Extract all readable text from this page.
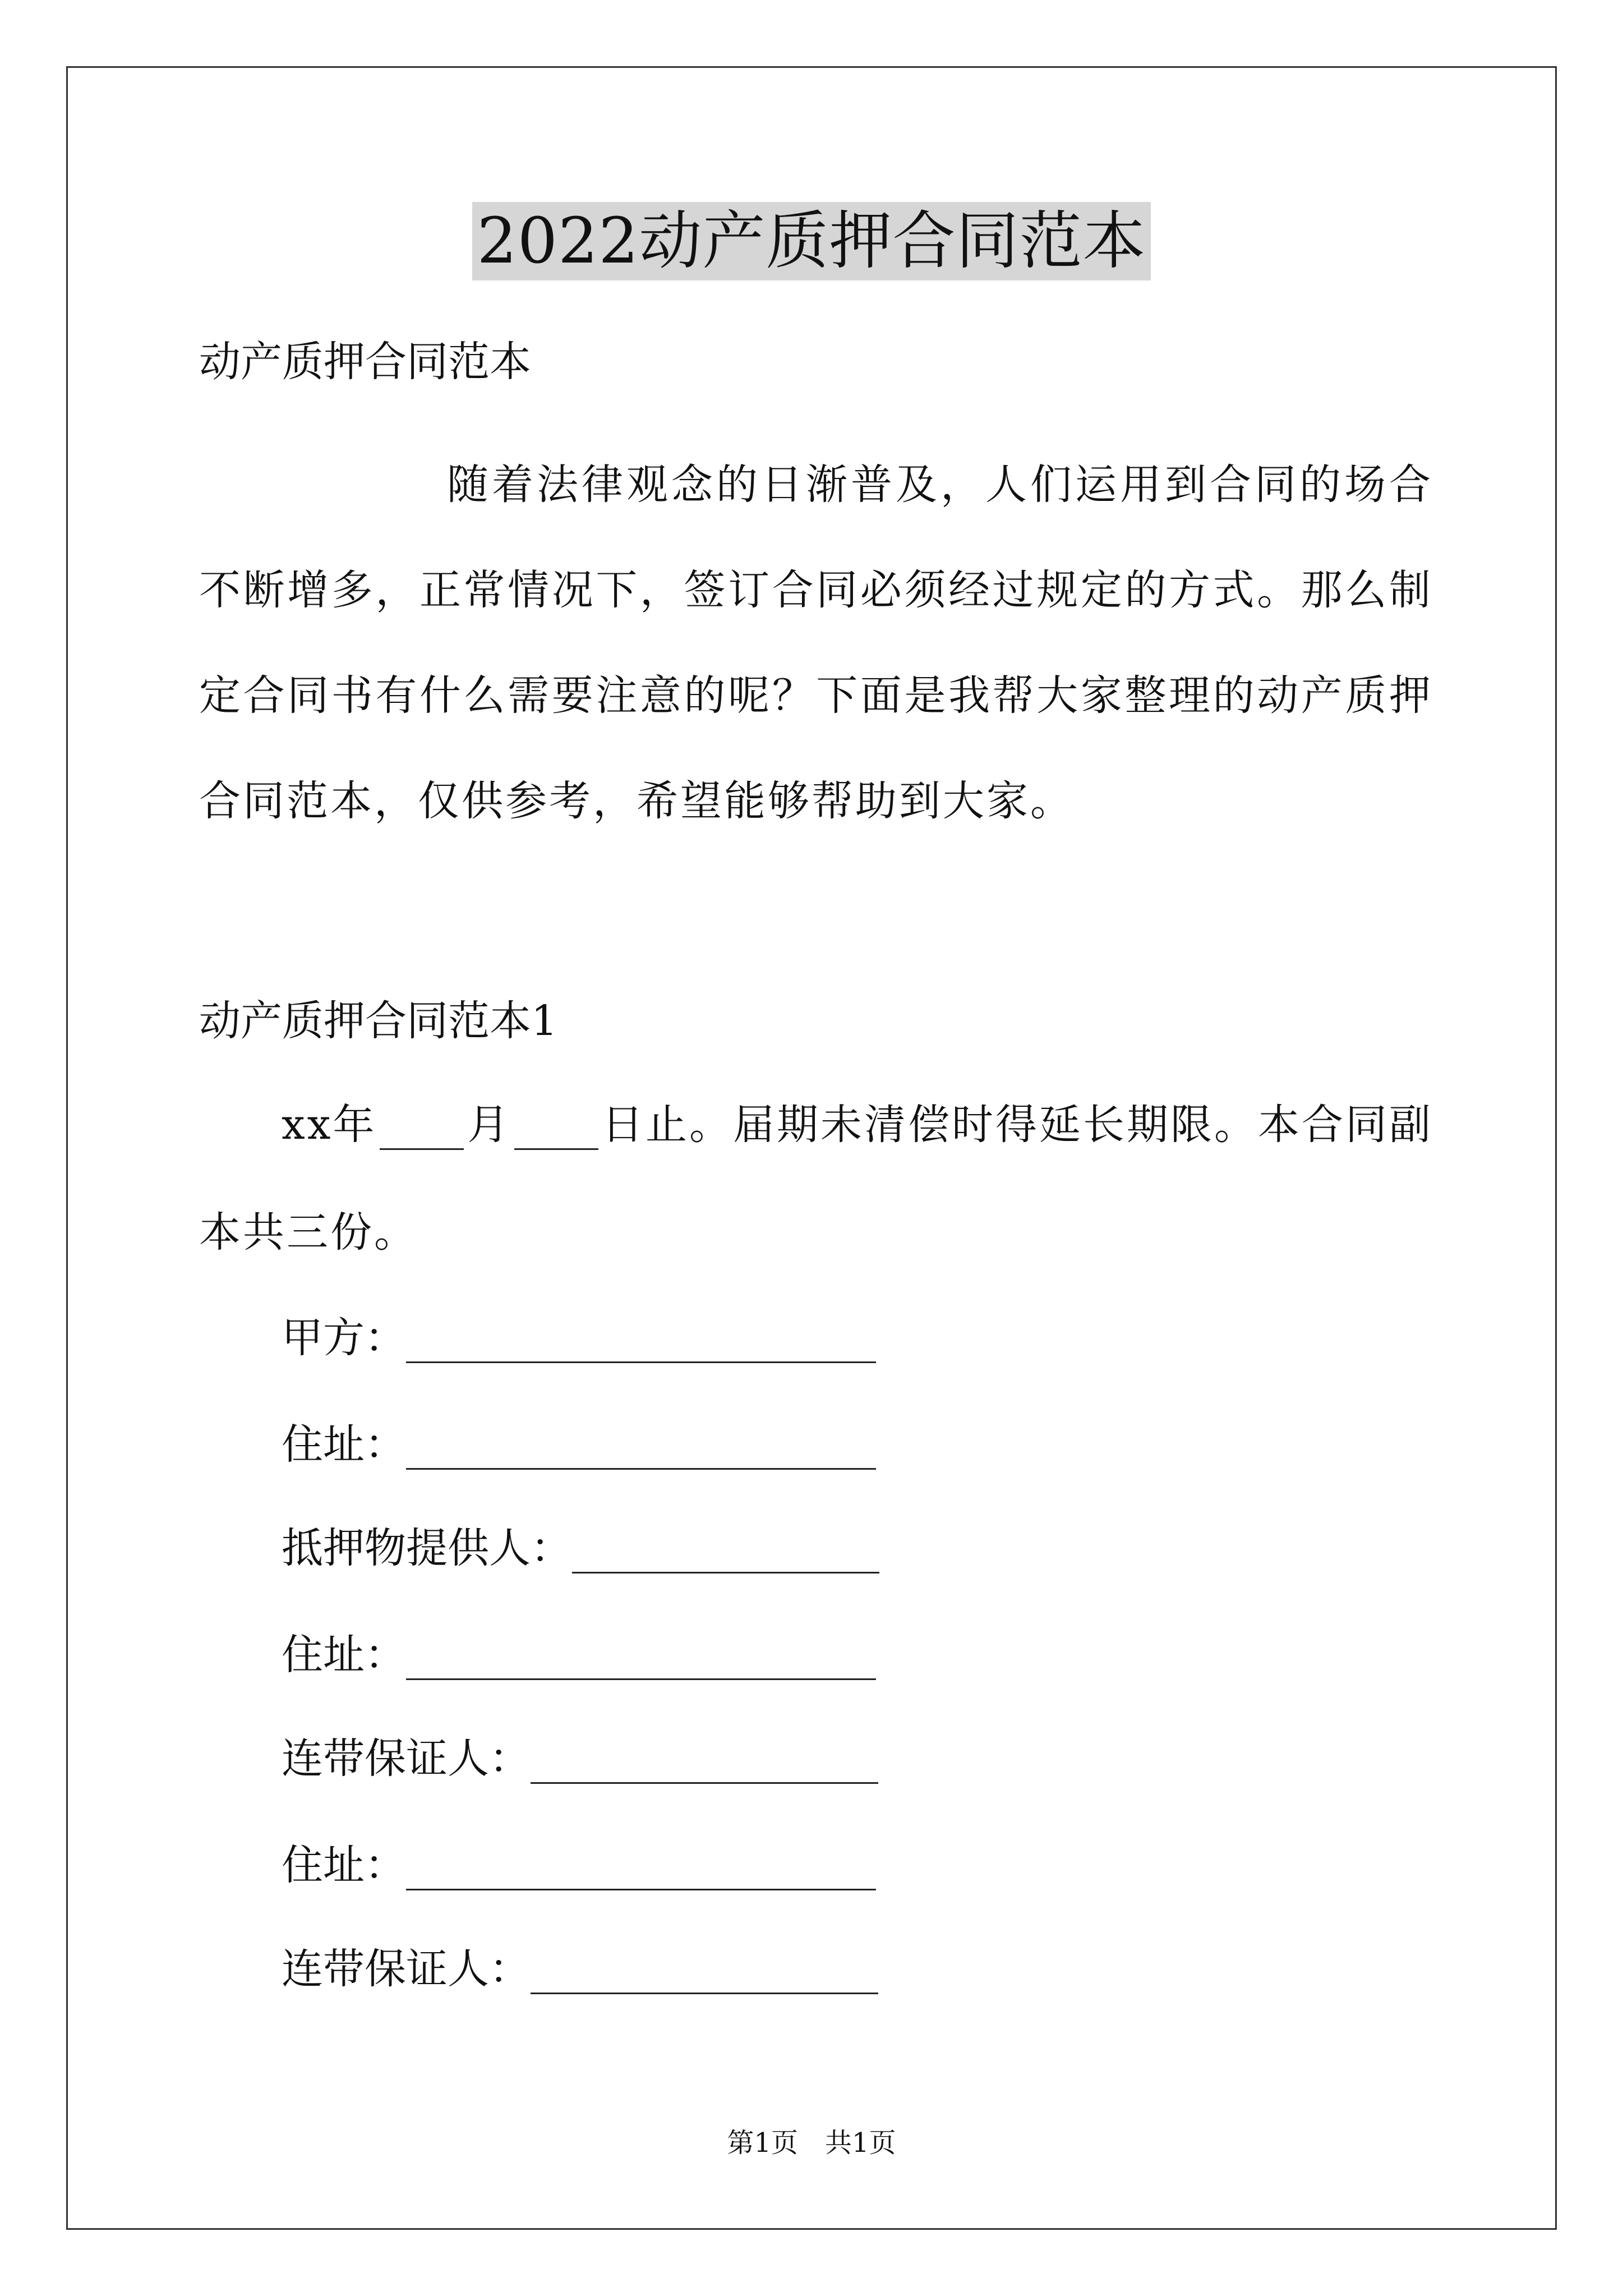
2022动产质押合同范本
动产质押合同范本
随着法律观念的日渐普及，人们运用到合同的场合不断增多，正常情况下，签订合同必须经过规定的方式。那么制定合同书有什么需要注意的呢？下面是我帮大家整理的动产质押合同范本，仅供参考，希望能够帮助到大家。
动产质押合同范本1
xx年 月 日止。届期未清偿时得延长期限。本合同副
本共三份。
甲方：
住址：
抵押物提供人：
住址：
连带保证人：
住址：
连带保证人：
第1页　共1页
